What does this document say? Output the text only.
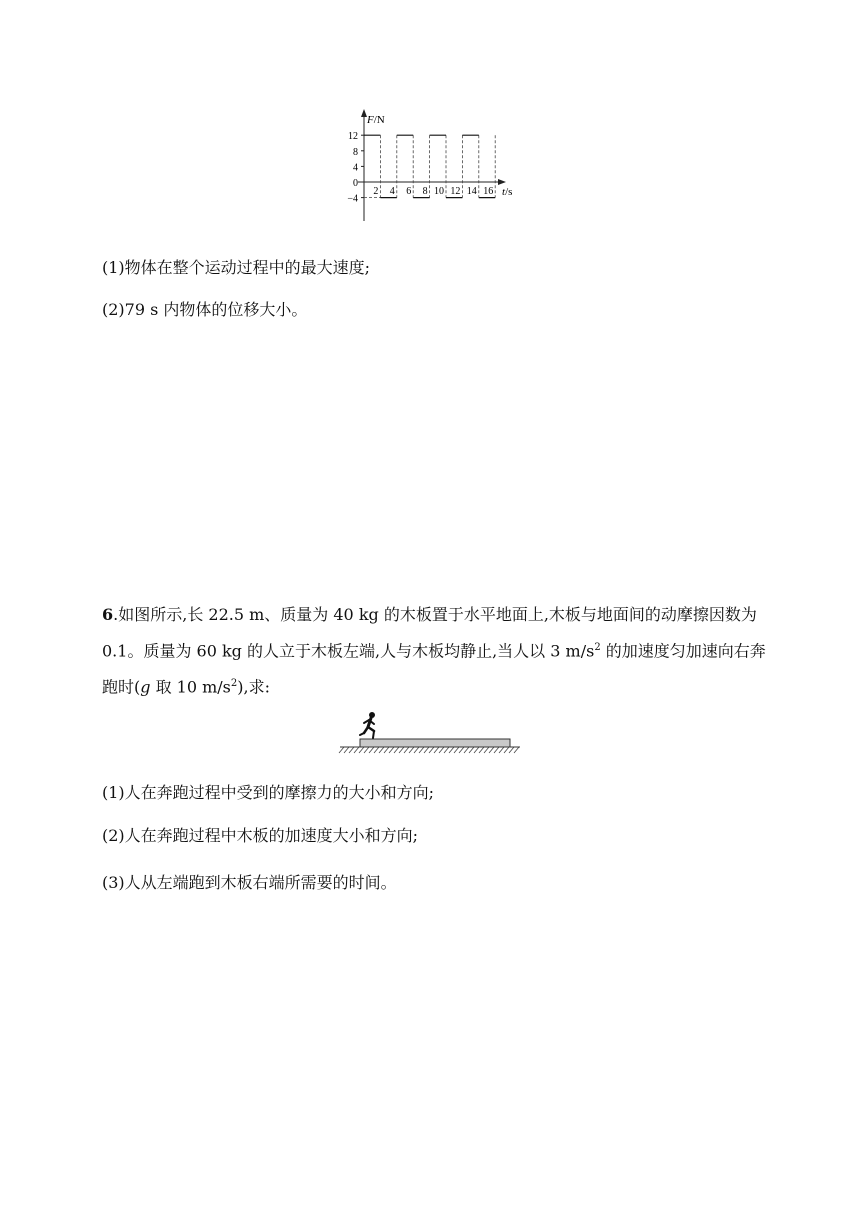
F/N
t/s
12
8
4
0
−4
2 4 6 8 10 12 14 16
(1)物体在整个运动过程中的最大速度;
(2)79 s 内物体的位移大小。
6.如图所示,长 22.5 m、质量为 40 kg 的木板置于水平地面上,木板与地面间的动摩擦因数为 0.1。质量为 60 kg 的人立于木板左端,人与木板均静止,当人以 3 $m/s^2$ 的加速度匀加速向右奔跑时(g 取 10 $m/s^2$),求:
(1)人在奔跑过程中受到的摩擦力的大小和方向;
(2)人在奔跑过程中木板的加速度大小和方向;
(3)人从左端跑到木板右端所需要的时间。
